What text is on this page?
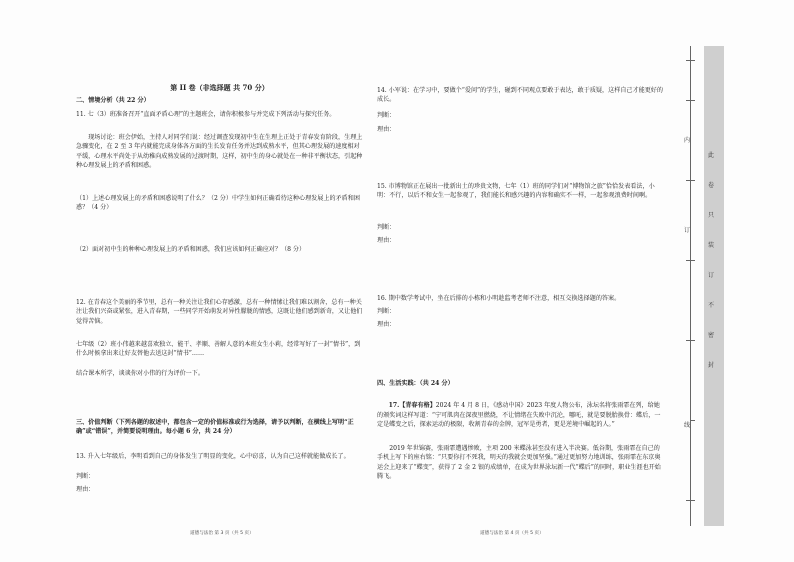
第 II 卷（非选择题 共 70 分）
二、情境分析（共 22 分）
11. 七（3）班准备召开“直面矛盾心理”的主题班会，请你积极参与并完成下列活动与探究任务。
现场讨论：班会伊始，主持人对同学们说：经过调查发现初中生在生理上正处于青春发育阶段，生理上急骤变化，在 2 至 3 年内就能完成身体各方面的生长发育任务并达到成熟水平，但其心理发展的速度相对平缓，心理水平尚处于从幼稚向成熟发展的过渡时期，这样，初中生的身心就处在一种非平衡状态，引起种种心理发展上的矛盾和困惑。
（1）上述心理发展上的矛盾和困惑说明了什么？（2 分）中学生如何正确看待这种心理发展上的矛盾和困惑？（4 分）
（2）面对初中生的种种心理发展上的矛盾和困惑，我们应该如何正确应对？（8 分）
12. 在青春这个美丽的季节里，总有一种关注让我们心存感激，总有一种情愫让我们难以割舍，总有一种关注让我们兴奋或紧张，进入青春期，一些同学开始萌发对异性朦胧的情感，这既让他们感到新奇，又让他们觉得苦恼。
七年级（2）班小伟越来越喜欢独立、能干、孝顺、善解人意的本班女生小莉，经常写好了一封“情书”，到什么时候拿出来让好友替他去送这封“情书”……
结合课本所学，谈谈你对小伟的行为评价一下。
三、价值判断（下列各题的叙述中，都包含一定的价值标准或行为选择，请予以判断，在横线上写明“正确”或“错误”，并简要说明理由。每小题 6 分，共 24 分）
13. 升入七年级后，李明看到自己的身体发生了明显的变化，心中窃喜，认为自己这样就能做成长了。
判断：
理由：
道德与法治 第 3 页（共 5 页）
14. 小军说：在学习中，要做个“爱问”的学生，碰到不同观点要敢于表达，敢于质疑，这样自己才能更好的成长。
判断：
理由：
15. 市博物馆正在展出一批新出土的珍贵文物，七年（1）班的同学们对“博物馆之旅”恰恰发表看法，小明：不行，以后不和女生一起参观了，我们能长和感兴趣的内容和确实不一样，一起参观浪费时间啊。
判断：
理由：
16. 期中数学考试中，坐在后排的小栋和小明趁监考老师不注意，相互交换选择题的答案。
判断：
理由：
四、生活实践：（共 24 分）

17.【青春有格】2024 年 4 月 8 日，《感动中国》2023 年度人物公布，泳坛名将张雨霏在列，给她的颁奖词这样写道：“宁可肌肉在深夜里燃烧，不让情绪在失败中沉沦，哪吒，就是要脱胎换骨：蝶后，一定是蝶变之后，探索运动的极限，收割青春的金牌，冠军是勇者，更是逆境中崛起的人。”

2019 年世锦赛，张雨霏遭遇惨败，主项 200 米蝶泳甚至没有进入半决赛。低谷期，张雨霏在自己的手机上写下的座右铭：“只要你打不死我，明天的我就会更加坚强。”通过更加努力地训练，张雨霏在东京奥运会上迎来了“蝶变”，获得了 2 金 2 银的成绩单，在成为世界泳坛新一代“蝶后”的同时，职业生涯也开始腾飞。
道德与法治 第 4 页（共 5 页）
内
订
线
此
卷
只
装
订
不
密
封
